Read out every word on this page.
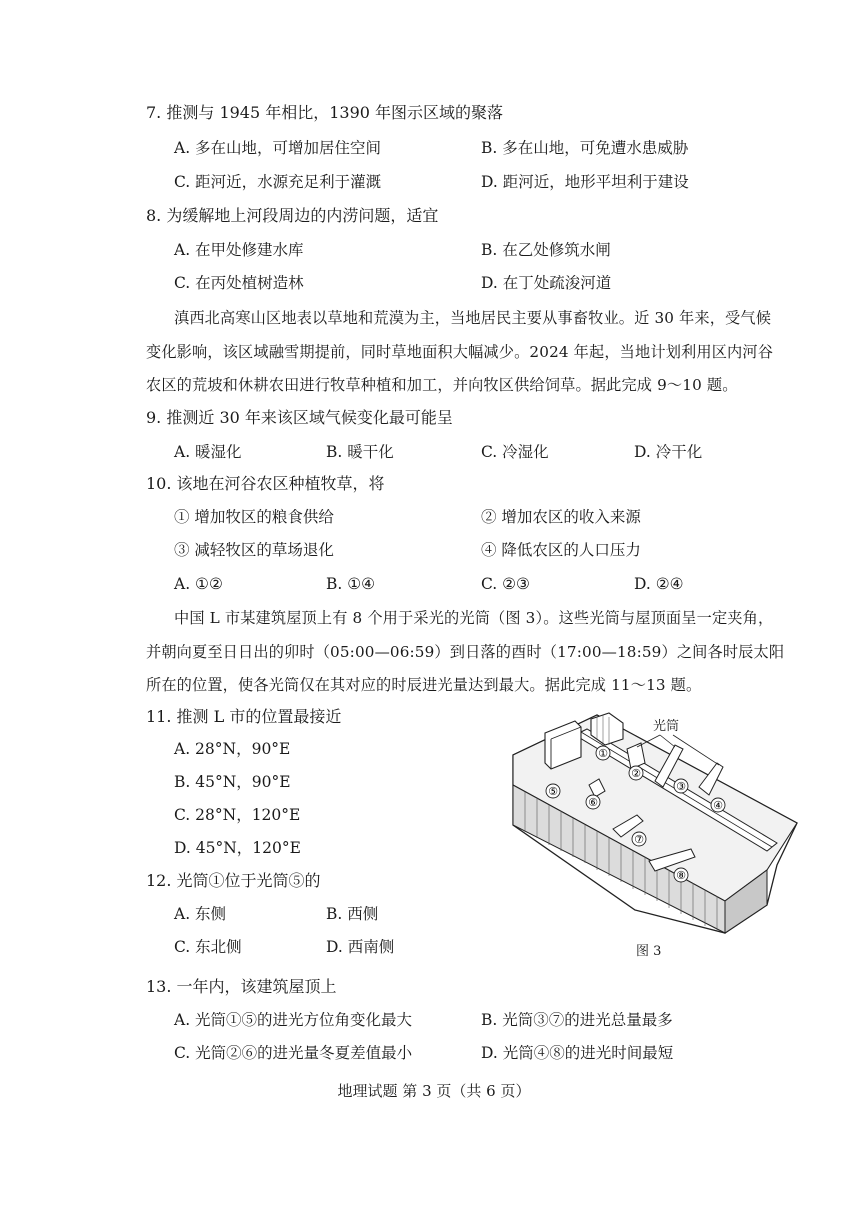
7. 推测与 1945 年相比，1390 年图示区域的聚落
A. 多在山地，可增加居住空间	B. 多在山地，可免遭水患威胁
C. 距河近，水源充足利于灌溉	D. 距河近，地形平坦利于建设
8. 为缓解地上河段周边的内涝问题，适宜
A. 在甲处修建水库	B. 在乙处修筑水闸
C. 在丙处植树造林	D. 在丁处疏浚河道
滇西北高寒山区地表以草地和荒漠为主，当地居民主要从事畜牧业。近 30 年来，受气候
变化影响，该区域融雪期提前，同时草地面积大幅减少。2024 年起，当地计划利用区内河谷
农区的荒坡和休耕农田进行牧草种植和加工，并向牧区供给饲草。据此完成 9～10 题。
9. 推测近 30 年来该区域气候变化最可能呈
A. 暖湿化	B. 暖干化	C. 冷湿化	D. 冷干化
10. 该地在河谷农区种植牧草，将
① 增加牧区的粮食供给	② 增加农区的收入来源
③ 减轻牧区的草场退化	④ 降低农区的人口压力
A. ①②	B. ①④	C. ②③	D. ②④
中国 L 市某建筑屋顶上有 8 个用于采光的光筒（图 3）。这些光筒与屋顶面呈一定夹角，
并朝向夏至日日出的卯时（05:00—06:59）到日落的酉时（17:00—18:59）之间各时辰太阳
所在的位置，使各光筒仅在其对应的时辰进光量达到最大。据此完成 11～13 题。
11. 推测 L 市的位置最接近
A. 28°N，90°E
B. 45°N，90°E
C. 28°N，120°E
D. 45°N，120°E
12. 光筒①位于光筒⑤的
A. 东侧	B. 西侧
C. 东北侧	D. 西南侧
①
②
③
④
⑤
⑥
⑦
⑧
光筒
图 3
13. 一年内，该建筑屋顶上
A. 光筒①⑤的进光方位角变化最大	B. 光筒③⑦的进光总量最多
C. 光筒②⑥的进光量冬夏差值最小	D. 光筒④⑧的进光时间最短
地理试题 第 3 页（共 6 页）
